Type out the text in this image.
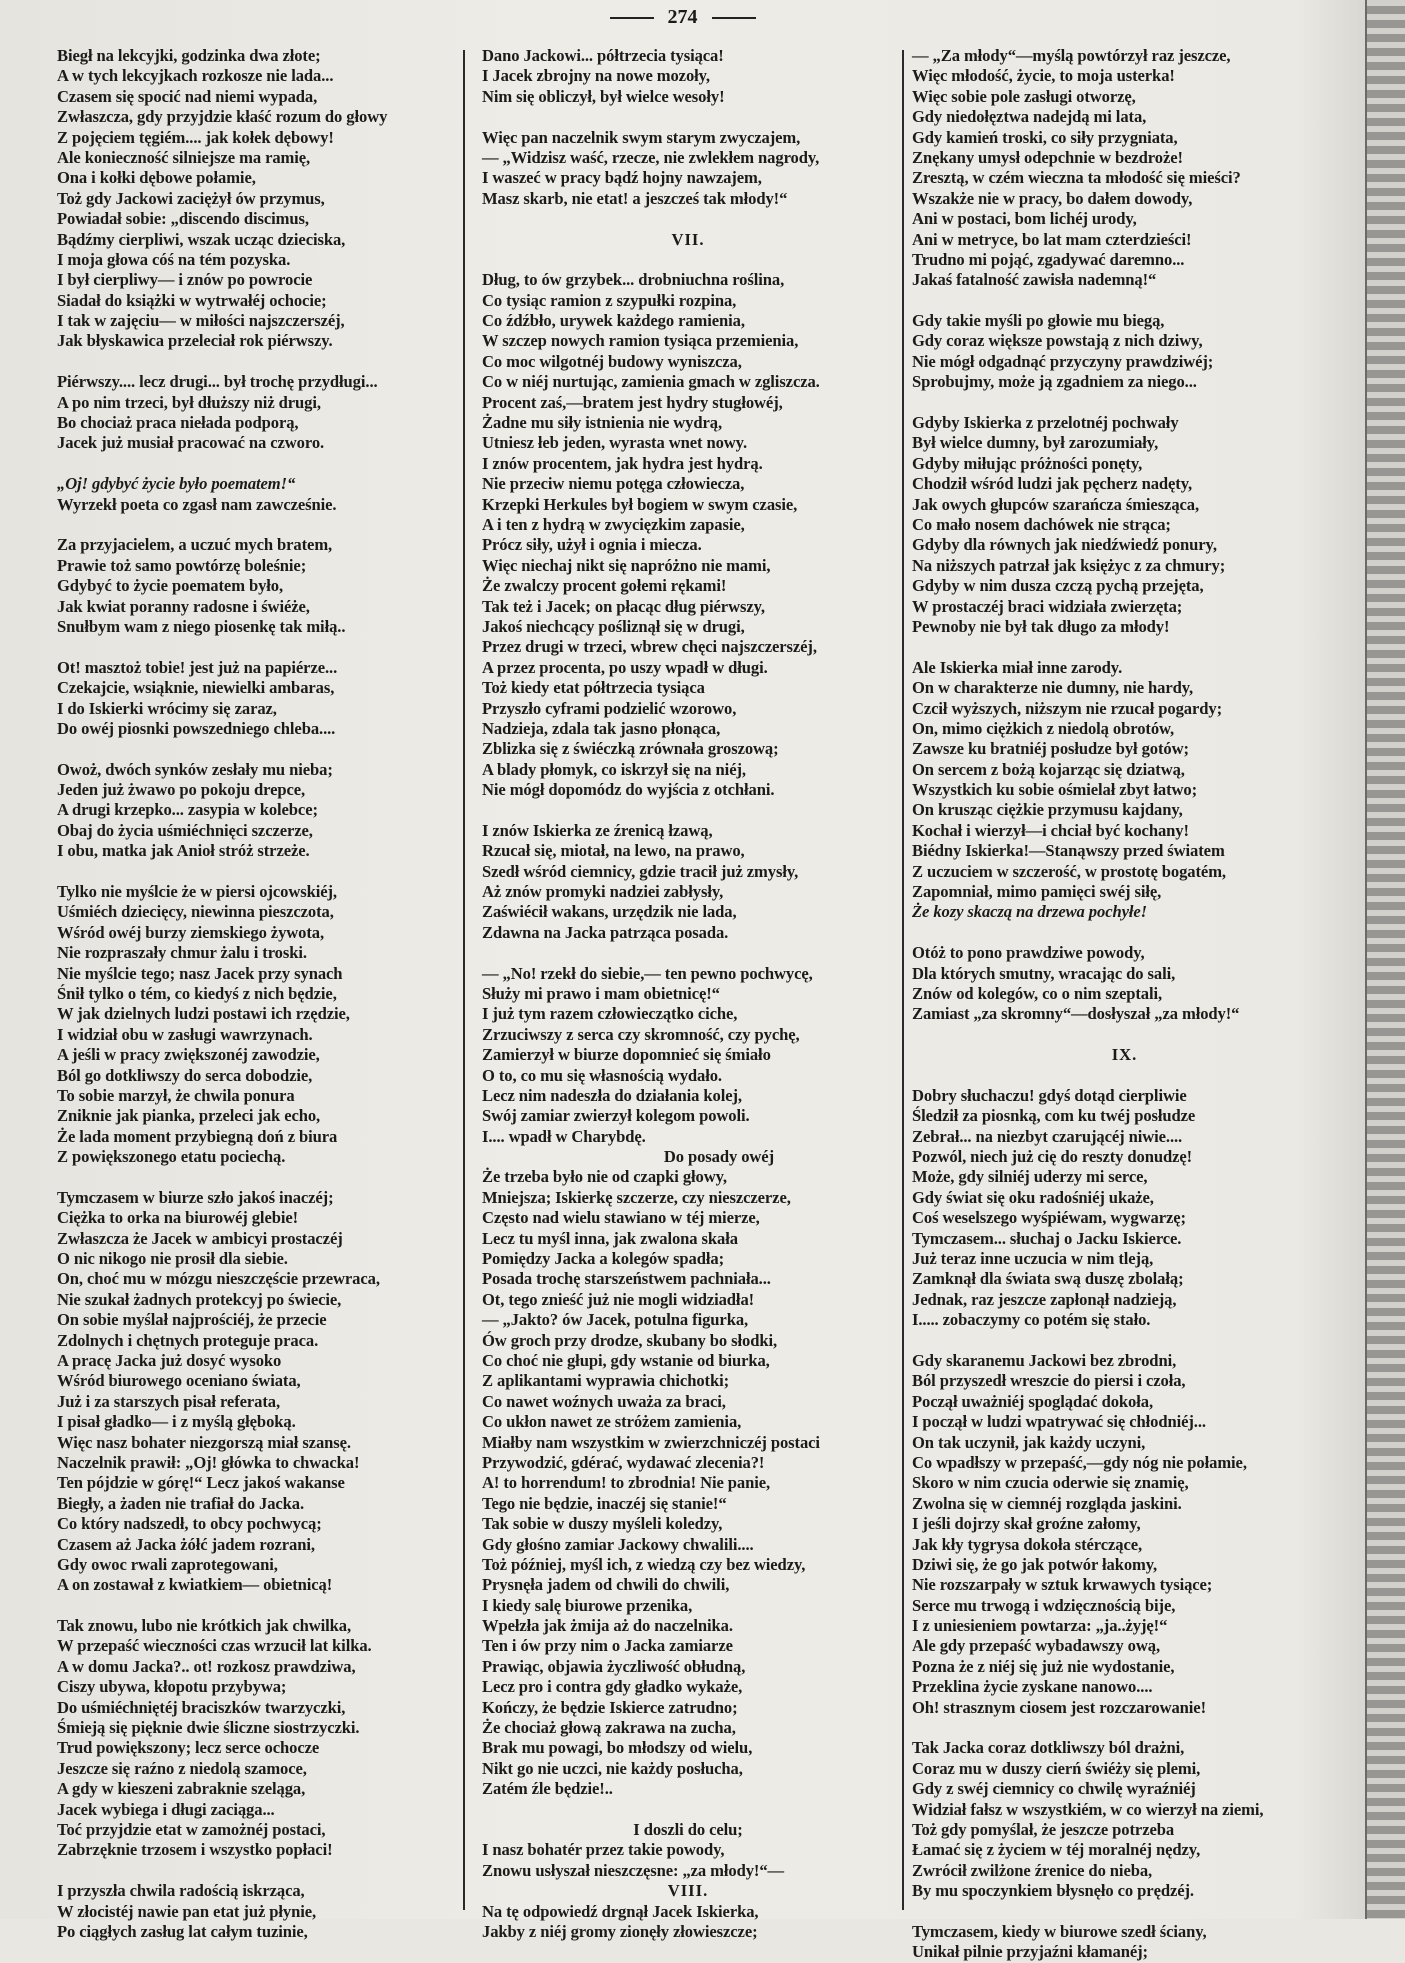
274
Biegł na lekcyjki, godzinka dwa złote;
A w tych lekcyjkach rozkosze nie lada...
Czasem się spocić nad niemi wypada,
Zwłaszcza, gdy przyjdzie kłaść rozum do głowy
Z pojęciem tęgiém.... jak kołek dębowy!
Ale konieczność silniejsze ma ramię,
Ona i kołki dębowe połamie,
Toż gdy Jackowi zaciężył ów przymus,
Powiadał sobie: „discendo discimus,
Bądźmy cierpliwi, wszak ucząc dzieciska,
I moja głowa cóś na tém pozyska.
I był cierpliwy— i znów po powrocie
Siadał do książki w wytrwałéj ochocie;
I tak w zajęciu— w miłości najszczerszéj,
Jak błyskawica przeleciał rok piérwszy.
Piérwszy.... lecz drugi... był trochę przydługi...
A po nim trzeci, był dłuższy niż drugi,
Bo chociaż praca niełada podporą,
Jacek już musiał pracować na czworo.
„Oj! gdybyć życie było poematem!“
Wyrzekł poeta co zgasł nam zawcześnie.
Za przyjacielem, a uczuć mych bratem,
Prawie toż samo powtórzę boleśnie;
Gdybyć to życie poematem było,
Jak kwiat poranny radosne i świéże,
Snułbym wam z niego piosenkę tak miłą..
Ot! masztoż tobie! jest już na papiérze...
Czekajcie, wsiąknie, niewielki ambaras,
I do Iskierki wrócimy się zaraz,
Do owéj piosnki powszedniego chleba....
Owoż, dwóch synków zesłały mu nieba;
Jeden już żwawo po pokoju drepce,
A drugi krzepko... zasypia w kolebce;
Obaj do życia uśmiéchnięci szczerze,
I obu, matka jak Anioł stróż strzeże.
Tylko nie myślcie że w piersi ojcowskiéj,
Uśmiéch dziecięcy, niewinna pieszczota,
Wśród owéj burzy ziemskiego żywota,
Nie rozpraszały chmur żalu i troski.
Nie myślcie tego; nasz Jacek przy synach
Śnił tylko o tém, co kiedyś z nich będzie,
W jak dzielnych ludzi postawi ich rzędzie,
I widział obu w zasługi wawrzynach.
A jeśli w pracy zwiększonéj zawodzie,
Ból go dotkliwszy do serca dobodzie,
To sobie marzył, że chwila ponura
Zniknie jak pianka, przeleci jak echo,
Że lada moment przybiegną doń z biura
Z powiększonego etatu pociechą.
Tymczasem w biurze szło jakoś inaczéj;
Ciężka to orka na biurowéj glebie!
Zwłaszcza że Jacek w ambicyi prostaczéj
O nic nikogo nie prosił dla siebie.
On, choć mu w mózgu nieszczęście przewraca,
Nie szukał żadnych protekcyj po świecie,
On sobie myślał najprościéj, że przecie
Zdolnych i chętnych proteguje praca.
A pracę Jacka już dosyć wysoko
Wśród biurowego oceniano świata,
Już i za starszych pisał referata,
I pisał gładko— i z myślą głęboką.
Więc nasz bohater niezgorszą miał szansę.
Naczelnik prawił: „Oj! główka to chwacka!
Ten pójdzie w górę!“ Lecz jakoś wakanse
Biegły, a żaden nie trafiał do Jacka.
Co który nadszedł, to obcy pochwycą;
Czasem aż Jacka żółć jadem rozrani,
Gdy owoc rwali zaprotegowani,
A on zostawał z kwiatkiem— obietnicą!
Tak znowu, lubo nie krótkich jak chwilka,
W przepaść wieczności czas wrzucił lat kilka.
A w domu Jacka?.. ot! rozkosz prawdziwa,
Ciszy ubywa, kłopotu przybywa;
Do uśmiéchniętéj braciszków twarzyczki,
Śmieją się pięknie dwie śliczne siostrzyczki.
Trud powiększony; lecz serce ochocze
Jeszcze się raźno z niedolą szamoce,
A gdy w kieszeni zabraknie szeląga,
Jacek wybiega i długi zaciąga...
Toć przyjdzie etat w zamożnéj postaci,
Zabrzęknie trzosem i wszystko popłaci!
I przyszła chwila radością iskrząca,
W złocistéj nawie pan etat już płynie,
Po ciągłych zasług lat całym tuzinie,
Dano Jackowi... półtrzecia tysiąca!
I Jacek zbrojny na nowe mozoły,
Nim się obliczył, był wielce wesoły!
Więc pan naczelnik swym starym zwyczajem,
— „Widzisz waść, rzecze, nie zwlekłem nagrody,
I waszeć w pracy bądź hojny nawzajem,
Masz skarb, nie etat! a jeszcześ tak młody!“
VII.
Dług, to ów grzybek... drobniuchna roślina,
Co tysiąc ramion z szypułki rozpina,
Co źdźbło, urywek każdego ramienia,
W szczep nowych ramion tysiąca przemienia,
Co moc wilgotnéj budowy wyniszcza,
Co w niéj nurtując, zamienia gmach w zgliszcza.
Procent zaś,—bratem jest hydry stugłowéj,
Żadne mu siły istnienia nie wydrą,
Utniesz łeb jeden, wyrasta wnet nowy.
I znów procentem, jak hydra jest hydrą.
Nie przeciw niemu potęga człowiecza,
Krzepki Herkules był bogiem w swym czasie,
A i ten z hydrą w zwycięzkim zapasie,
Prócz siły, użył i ognia i miecza.
Więc niechaj nikt się napróżno nie mami,
Że zwalczy procent gołemi rękami!
Tak też i Jacek; on płacąc dług piérwszy,
Jakoś niechcący pośliznął się w drugi,
Przez drugi w trzeci, wbrew chęci najszczerszéj,
A przez procenta, po uszy wpadł w długi.
Toż kiedy etat półtrzecia tysiąca
Przyszło cyframi podzielić wzorowo,
Nadzieja, zdala tak jasno płonąca,
Zblizka się z świéczką zrównała groszową;
A blady płomyk, co iskrzył się na niéj,
Nie mógł dopomódz do wyjścia z otchłani.
I znów Iskierka ze źrenicą łzawą,
Rzucał się, miotał, na lewo, na prawo,
Szedł wśród ciemnicy, gdzie tracił już zmysły,
Aż znów promyki nadziei zabłysły,
Zaświécił wakans, urzędzik nie lada,
Zdawna na Jacka patrząca posada.
— „No! rzekł do siebie,— ten pewno pochwycę,
Służy mi prawo i mam obietnicę!“
I już tym razem człowieczątko ciche,
Zrzuciwszy z serca czy skromność, czy pychę,
Zamierzył w biurze dopomnieć się śmiało
O to, co mu się własnością wydało.
Lecz nim nadeszła do działania kolej,
Swój zamiar zwierzył kolegom powoli.
I.... wpadł w Charybdę.
Do posady owéj
Że trzeba było nie od czapki głowy,
Mniejsza; Iskierkę szczerze, czy nieszczerze,
Często nad wielu stawiano w téj mierze,
Lecz tu myśl inna, jak zwalona skała
Pomiędzy Jacka a kolegów spadła;
Posada trochę starszeństwem pachniała...
Ot, tego znieść już nie mogli widziadła!
— „Jakto? ów Jacek, potulna figurka,
Ów groch przy drodze, skubany bo słodki,
Co choć nie głupi, gdy wstanie od biurka,
Z aplikantami wyprawia chichotki;
Co nawet woźnych uważa za braci,
Co ukłon nawet ze stróżem zamienia,
Miałby nam wszystkim w zwierzchniczéj postaci
Przywodzić, gdérać, wydawać zlecenia?!
A! to horrendum! to zbrodnia! Nie panie,
Tego nie będzie, inaczéj się stanie!“
Tak sobie w duszy myśleli koledzy,
Gdy głośno zamiar Jackowy chwalili....
Toż później, myśl ich, z wiedzą czy bez wiedzy,
Prysnęła jadem od chwili do chwili,
I kiedy salę biurowe przenika,
Wpełzła jak żmija aż do naczelnika.
Ten i ów przy nim o Jacka zamiarze
Prawiąc, objawia życzliwość obłudną,
Lecz pro i contra gdy gładko wykaże,
Kończy, że będzie Iskierce zatrudno;
Że chociaż głową zakrawa na zucha,
Brak mu powagi, bo młodszy od wielu,
Nikt go nie uczci, nie każdy posłucha,
Zatém źle będzie!..
I doszli do celu;
I nasz bohatér przez takie powody,
Znowu usłyszał nieszczęsne: „za młody!“—
VIII.
Na tę odpowiedź drgnął Jacek Iskierka,
Jakby z niéj gromy zionęły złowieszcze;
— „Za młody“—myślą powtórzył raz jeszcze,
Więc młodość, życie, to moja usterka!
Więc sobie pole zasługi otworzę,
Gdy niedołęztwa nadejdą mi lata,
Gdy kamień troski, co siły przygniata,
Znękany umysł odepchnie w bezdroże!
Zresztą, w czém wieczna ta młodość się mieści?
Wszakże nie w pracy, bo dałem dowody,
Ani w postaci, bom lichéj urody,
Ani w metryce, bo lat mam czterdzieści!
Trudno mi pojąć, zgadywać daremno...
Jakaś fatalność zawisła nademną!“
Gdy takie myśli po głowie mu biegą,
Gdy coraz większe powstają z nich dziwy,
Nie mógł odgadnąć przyczyny prawdziwéj;
Sprobujmy, może ją zgadniem za niego...
Gdyby Iskierka z przelotnéj pochwały
Był wielce dumny, był zarozumiały,
Gdyby miłując próżności ponęty,
Chodził wśród ludzi jak pęcherz nadęty,
Jak owych głupców szarańcza śmiesząca,
Co mało nosem dachówek nie strąca;
Gdyby dla równych jak niedźwiedź ponury,
Na niższych patrzał jak księżyc z za chmury;
Gdyby w nim dusza czczą pychą przejęta,
W prostaczéj braci widziała zwierzęta;
Pewnoby nie był tak długo za młody!
Ale Iskierka miał inne zarody.
On w charakterze nie dumny, nie hardy,
Czcił wyższych, niższym nie rzucał pogardy;
On, mimo ciężkich z niedolą obrotów,
Zawsze ku bratniéj posłudze był gotów;
On sercem z bożą kojarząc się dziatwą,
Wszystkich ku sobie ośmielał zbyt łatwo;
On krusząc ciężkie przymusu kajdany,
Kochał i wierzył—i chciał być kochany!
Biédny Iskierka!—Stanąwszy przed światem
Z uczuciem w szczerość, w prostotę bogatém,
Zapomniał, mimo pamięci swéj siłę,
Że kozy skaczą na drzewa pochyłe!
Otóż to pono prawdziwe powody,
Dla których smutny, wracając do sali,
Znów od kolegów, co o nim szeptali,
Zamiast „za skromny“—dosłyszał „za młody!“
IX.
Dobry słuchaczu! gdyś dotąd cierpliwie
Śledził za piosnką, com ku twéj posłudze
Zebrał... na niezbyt czarującéj niwie....
Pozwól, niech już cię do reszty donudzę!
Może, gdy silniéj uderzy mi serce,
Gdy świat się oku radośniéj ukaże,
Coś weselszego wyśpiéwam, wygwarzę;
Tymczasem... słuchaj o Jacku Iskierce.
Już teraz inne uczucia w nim tleją,
Zamknął dla świata swą duszę zbolałą;
Jednak, raz jeszcze zapłonął nadzieją,
I..... zobaczymy co potém się stało.
Gdy skaranemu Jackowi bez zbrodni,
Ból przyszedł wreszcie do piersi i czoła,
Począł uważniéj spoglądać dokoła,
I począł w ludzi wpatrywać się chłodniéj...
On tak uczynił, jak każdy uczyni,
Co wpadłszy w przepaść,—gdy nóg nie połamie,
Skoro w nim czucia oderwie się znamię,
Zwolna się w ciemnéj rozgląda jaskini.
I jeśli dojrzy skał groźne załomy,
Jak kły tygrysa dokoła stérczące,
Dziwi się, że go jak potwór łakomy,
Nie rozszarpały w sztuk krwawych tysiące;
Serce mu trwogą i wdzięcznością bije,
I z uniesieniem powtarza: „ja..żyję!“
Ale gdy przepaść wybadawszy ową,
Pozna że z niéj się już nie wydostanie,
Przeklina życie zyskane nanowo....
Oh! strasznym ciosem jest rozczarowanie!
Tak Jacka coraz dotkliwszy ból drażni,
Coraz mu w duszy cierń świéży się plemi,
Gdy z swéj ciemnicy co chwilę wyraźniéj
Widział fałsz w wszystkiém, w co wierzył na ziemi,
Toż gdy pomyślał, że jeszcze potrzeba
Łamać się z życiem w téj moralnéj nędzy,
Zwrócił zwilżone źrenice do nieba,
By mu spoczynkiem błysnęło co prędzéj.
Tymczasem, kiedy w biurowe szedł ściany,
Unikał pilnie przyjaźni kłamanéj;
